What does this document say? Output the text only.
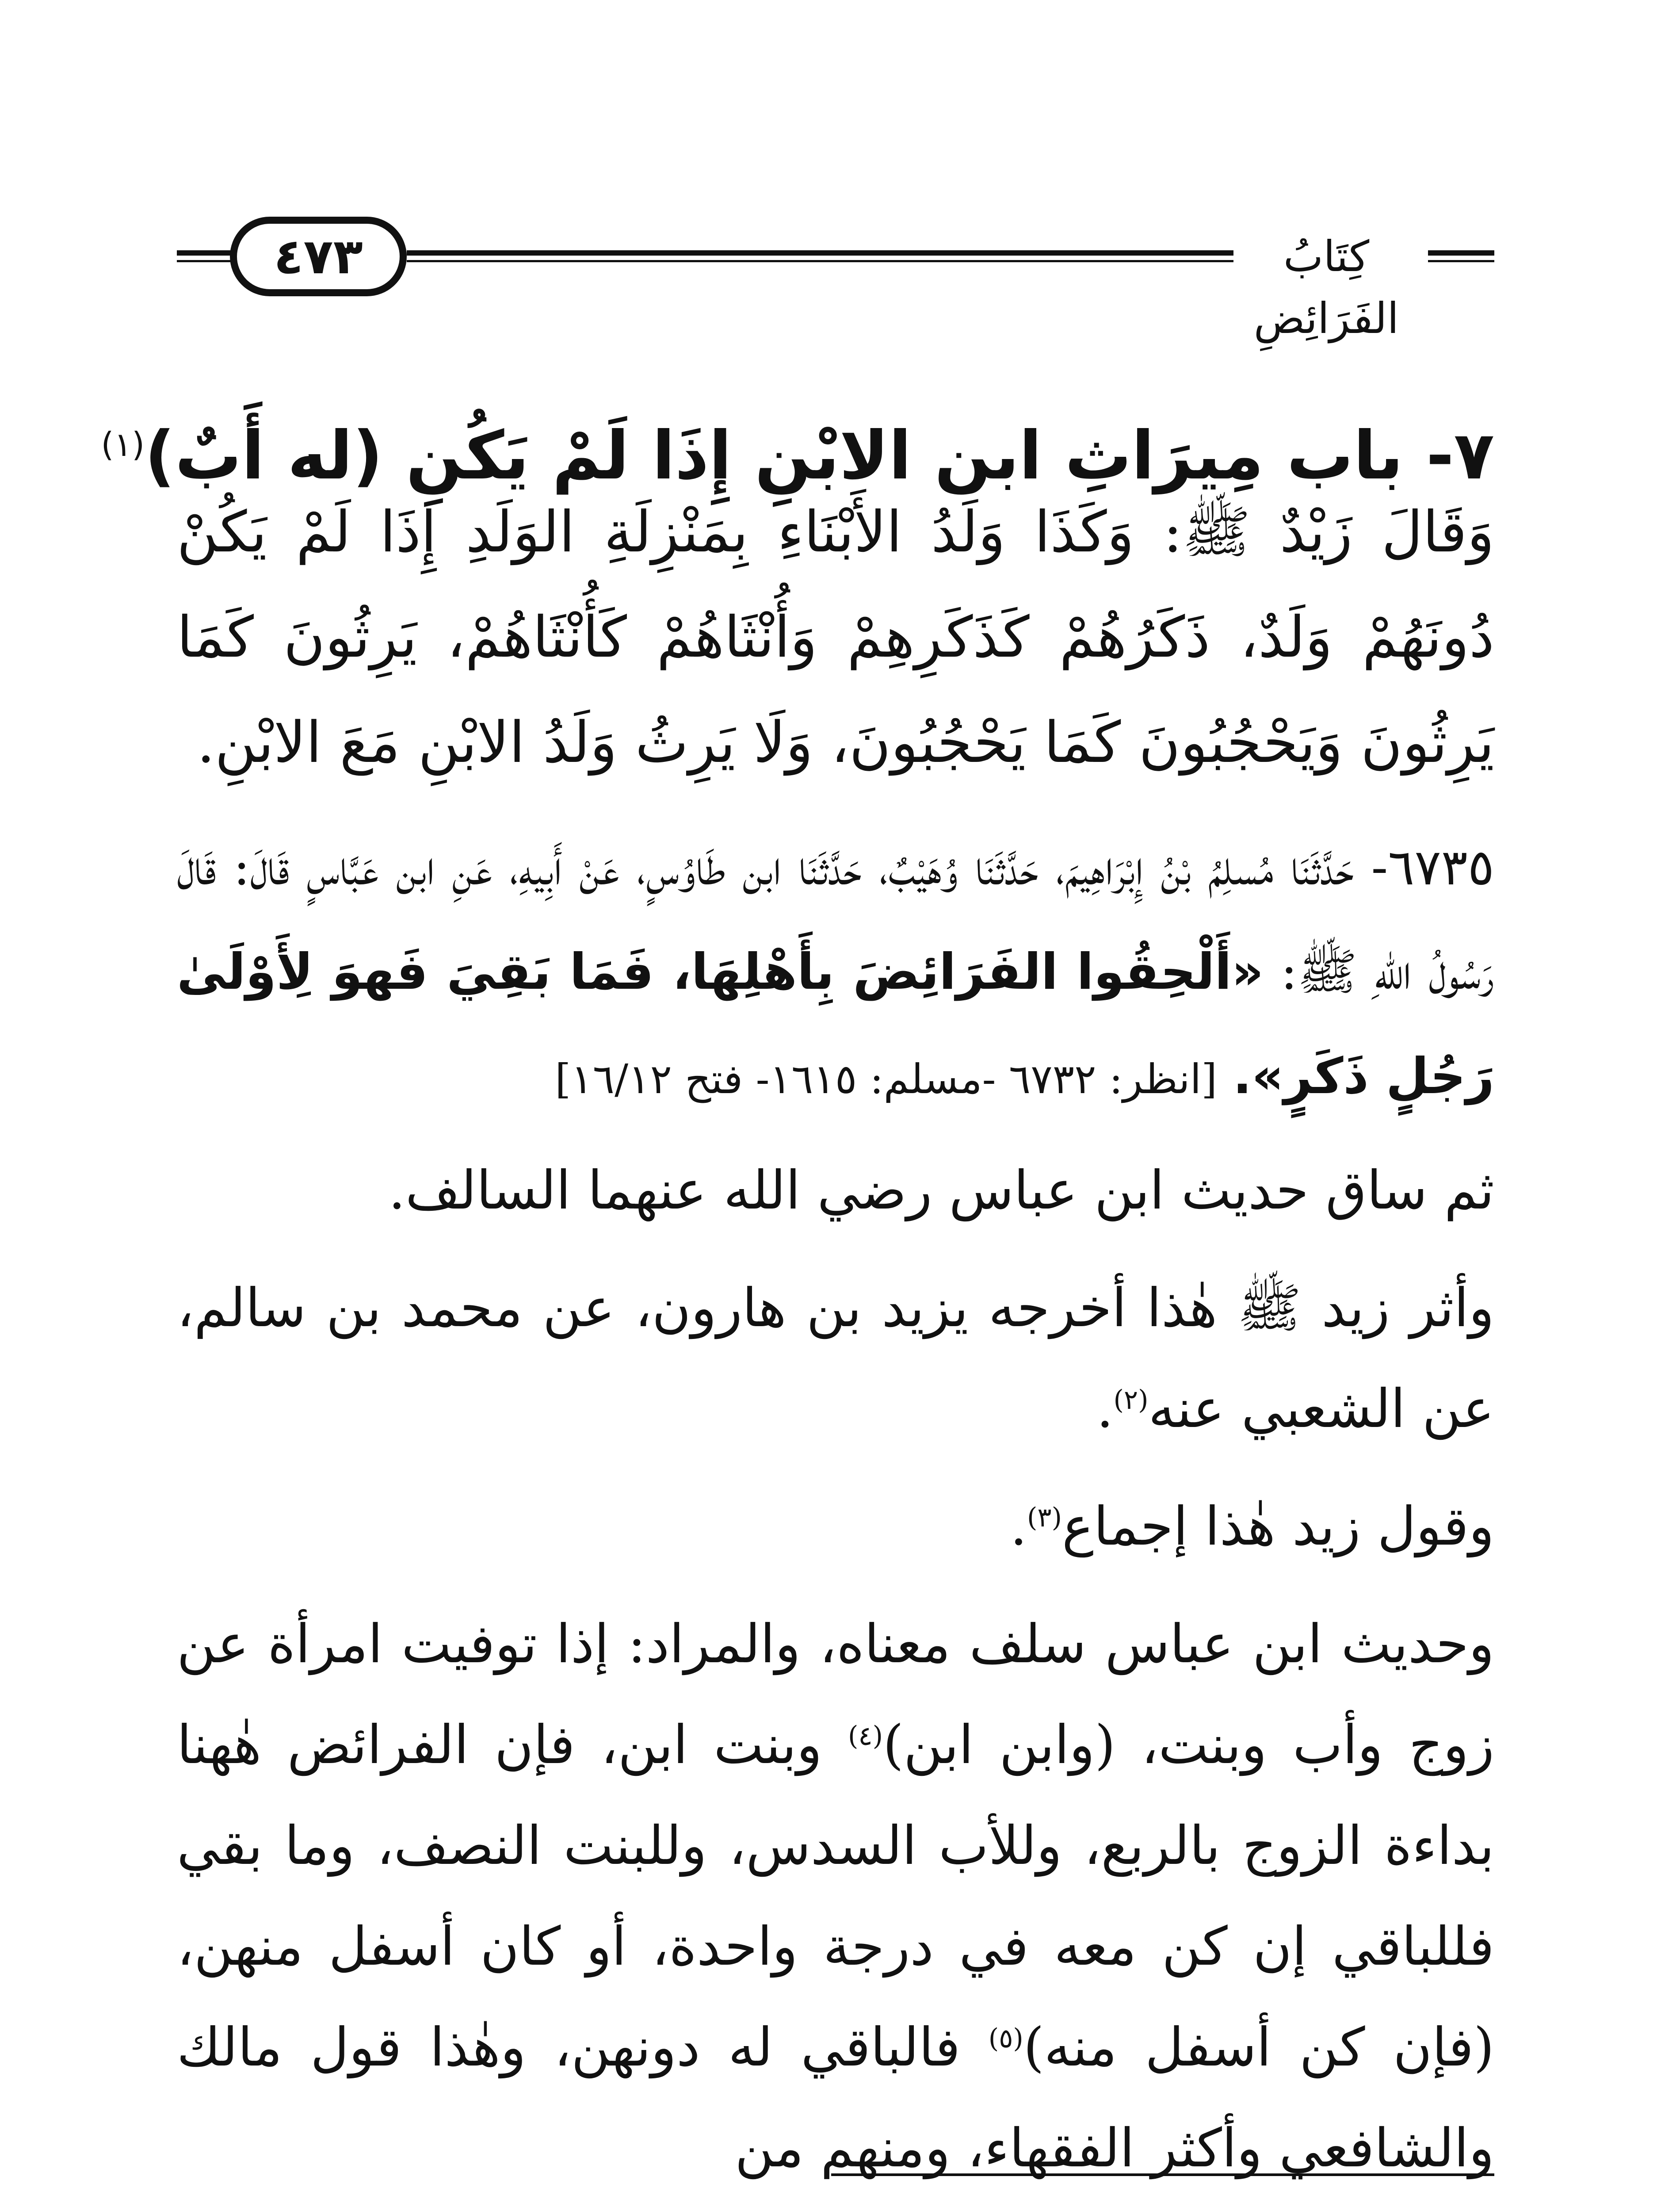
٤٧٣	كِتَابُ الفَرَائِضِ
٧- باب مِيرَاثِ ابن الابْنِ إِذَا لَمْ يَكُنِ (له أَبٌ)$^{(١)}$

وَقَالَ زَيْدٌ ﷺ: وَكَذَا وَلَدُ الأَبْنَاءِ بِمَنْزِلَةِ الوَلَدِ إِذَا لَمْ يَكُنْ دُونَهُمْ وَلَدٌ، ذَكَرُهُمْ كَذَكَرِهِمْ وَأُنْثَاهُمْ كَأُنْثَاهُمْ، يَرِثُونَ كَمَا يَرِثُونَ وَيَحْجُبُونَ كَمَا يَحْجُبُونَ، وَلَا يَرِثُ وَلَدُ الابْنِ مَعَ الابْنِ.

٦٧٣٥- حَدَّثَنَا مُسلِمُ بْنُ إِبْرَاهِيمَ، حَدَّثَنَا وُهَيْبٌ، حَدَّثَنَا ابن طَاوُسٍ، عَنْ أَبِيهِ، عَنِ ابن عَبَّاسٍ قَالَ: قَالَ رَسُولُ اللهِ ﷺ: «أَلْحِقُوا الفَرَائِضَ بِأَهْلِهَا، فَمَا بَقِيَ فَهوَ لِأَوْلَىٰ رَجُلٍ ذَكَرٍ». [انظر: ٦٧٣٢ -مسلم: ١٦١٥- فتح ١٦/١٢]

ثم ساق حديث ابن عباس رضي الله عنهما السالف.

وأثر زيد ﷺ هٰذا أخرجه يزيد بن هارون، عن محمد بن سالم، عن الشعبي عنه$^{(٢)}$.

وقول زيد هٰذا إجماع$^{(٣)}$.

وحديث ابن عباس سلف معناه، والمراد: إذا توفيت امرأة عن زوج وأب وبنت، (وابن ابن)$^{(٤)}$ وبنت ابن، فإن الفرائض هٰهنا بداءة الزوج بالربع، وللأب السدس، وللبنت النصف، وما بقي فللباقي إن كن معه في درجة واحدة، أو كان أسفل منهن، (فإن كن أسفل منه)$^{(٥)}$ فالباقي له دونهن، وهٰذا قول مالك والشافعي وأكثر الفقهاء، ومنهم من
